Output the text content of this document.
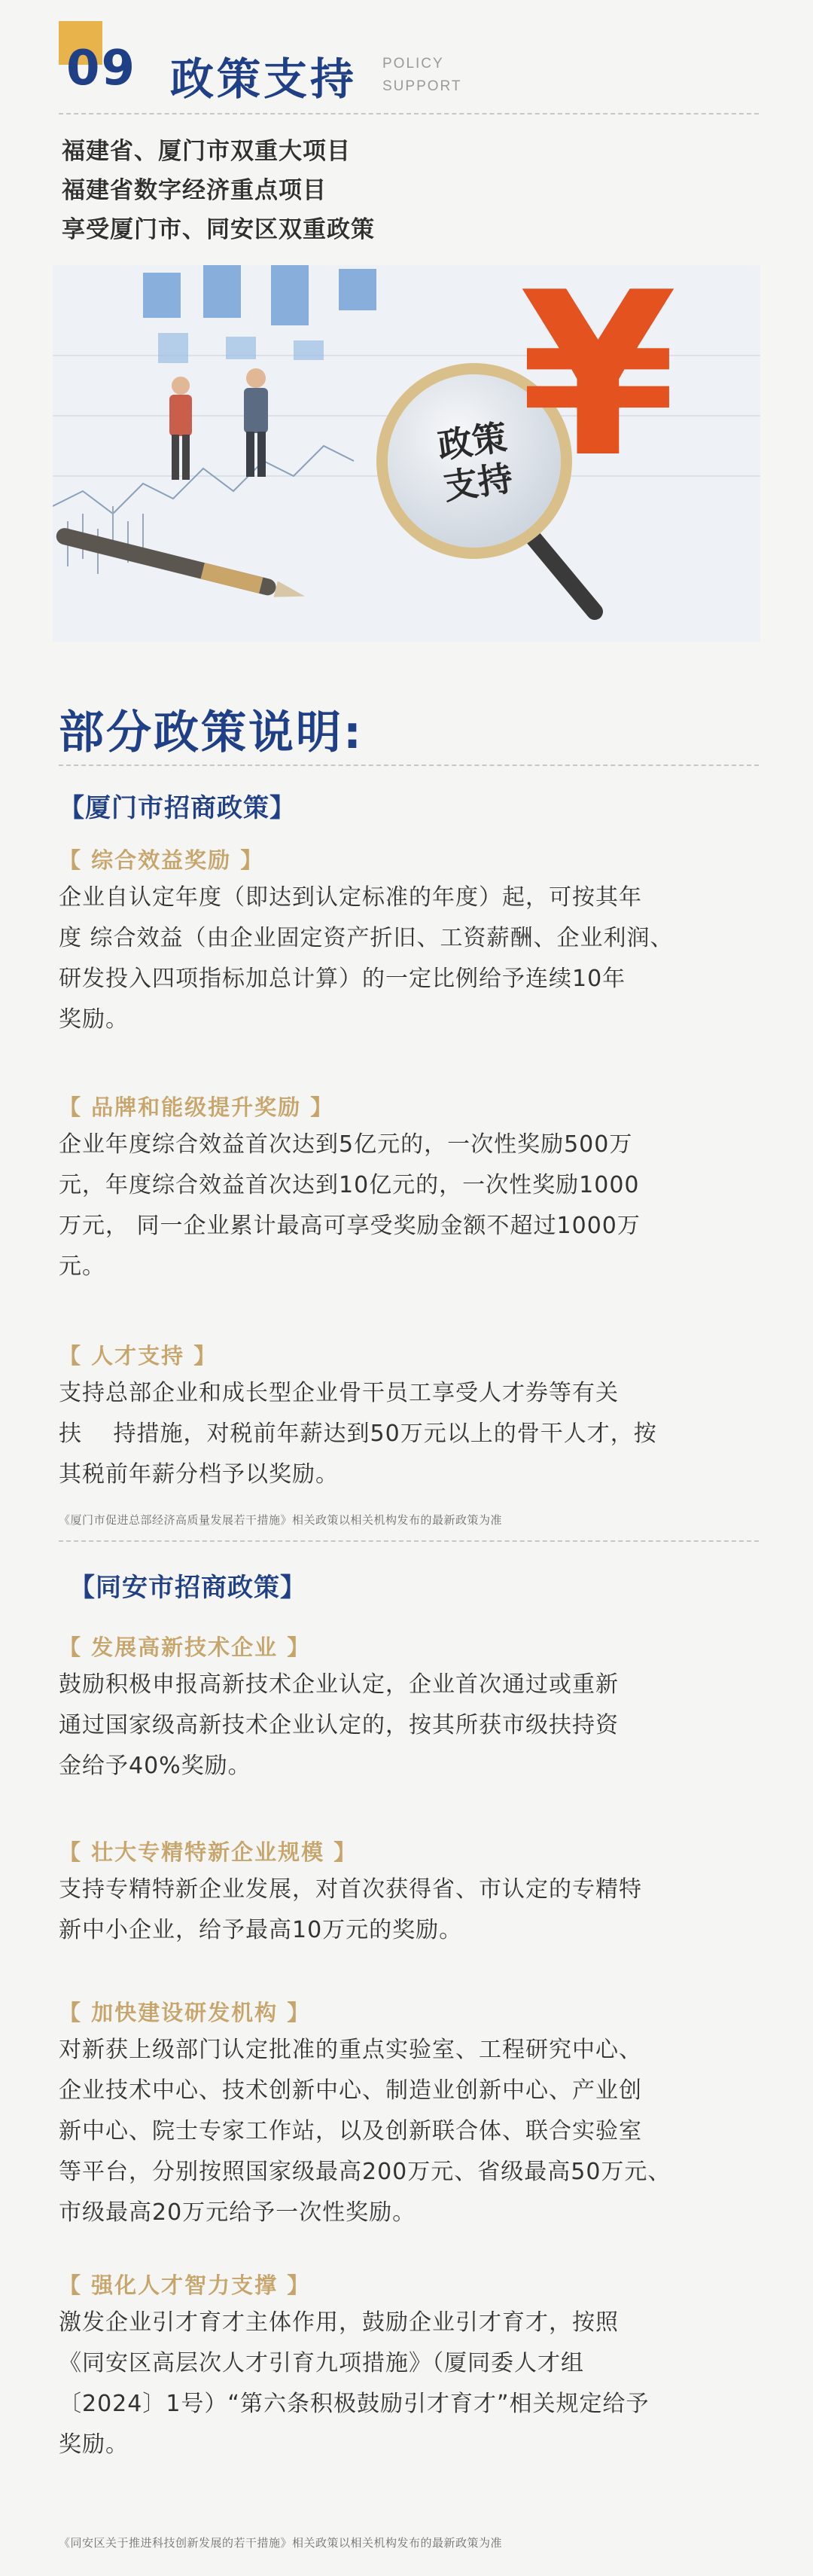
09 政策支持 POLICY
SUPPORT
福建省、厦门市双重大项目
福建省数字经济重点项目
享受厦门市、同安区双重政策
政策
支持 ¥
部分政策说明:
【厦门市招商政策】
【 综合效益奖励 】
企业自认定年度（即达到认定标准的年度）起，可按其年
度 综合效益（由企业固定资产折旧、工资薪酬、企业利润、
研发投入四项指标加总计算）的一定比例给予连续10年
奖励。
【 品牌和能级提升奖励 】
企业年度综合效益首次达到5亿元的，一次性奖励500万
元，年度综合效益首次达到10亿元的，一次性奖励1000
万元， 同一企业累计最高可享受奖励金额不超过1000万
元。
【 人才支持 】
支持总部企业和成长型企业骨干员工享受人才券等有关
扶　 持措施，对税前年薪达到50万元以上的骨干人才，按
其税前年薪分档予以奖励。
《厦门市促进总部经济高质量发展若干措施》相关政策以相关机构发布的最新政策为准
【同安市招商政策】
【 发展高新技术企业 】
鼓励积极申报高新技术企业认定，企业首次通过或重新
通过国家级高新技术企业认定的，按其所获市级扶持资
金给予40%奖励。
【 壮大专精特新企业规模 】
支持专精特新企业发展，对首次获得省、市认定的专精特
新中小企业，给予最高10万元的奖励。
【 加快建设研发机构 】
对新获上级部门认定批准的重点实验室、工程研究中心、
企业技术中心、技术创新中心、制造业创新中心、产业创
新中心、院士专家工作站，以及创新联合体、联合实验室
等平台，分别按照国家级最高200万元、省级最高50万元、
市级最高20万元给予一次性奖励。
【 强化人才智力支撑 】
激发企业引才育才主体作用，鼓励企业引才育才，按照
《同安区高层次人才引育九项措施》（厦同委人才组
〔2024〕1号）“第六条积极鼓励引才育才”相关规定给予
奖励。
《同安区关于推进科技创新发展的若干措施》相关政策以相关机构发布的最新政策为准
